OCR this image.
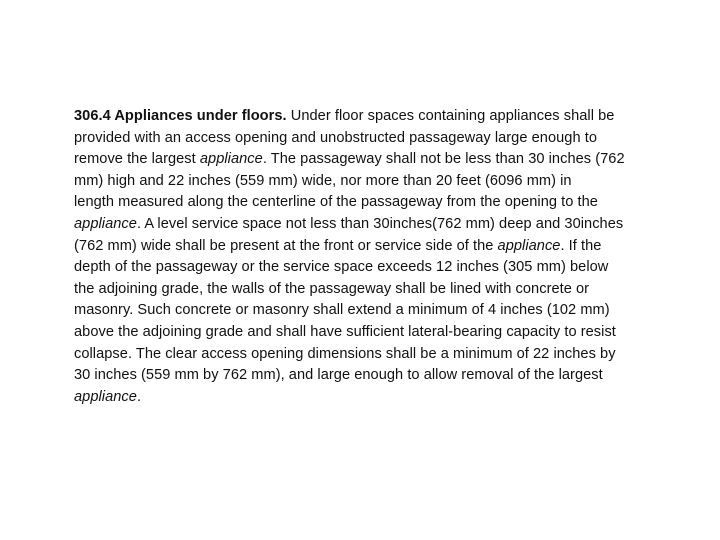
306.4 Appliances under floors. Under floor spaces containing appliances shall be
provided with an access opening and unobstructed passageway large enough to
remove the largest appliance. The passageway shall not be less than 30 inches (762
mm) high and 22 inches (559 mm) wide, nor more than 20 feet (6096 mm) in
length measured along the centerline of the passageway from the opening to the
appliance. A level service space not less than 30inches(762 mm) deep and 30inches
(762 mm) wide shall be present at the front or service side of the appliance. If the
depth of the passageway or the service space exceeds 12 inches (305 mm) below
the adjoining grade, the walls of the passageway shall be lined with concrete or
masonry. Such concrete or masonry shall extend a minimum of 4 inches (102 mm)
above the adjoining grade and shall have sufficient lateral-bearing capacity to resist
collapse. The clear access opening dimensions shall be a minimum of 22 inches by
30 inches (559 mm by 762 mm), and large enough to allow removal of the largest
appliance.
